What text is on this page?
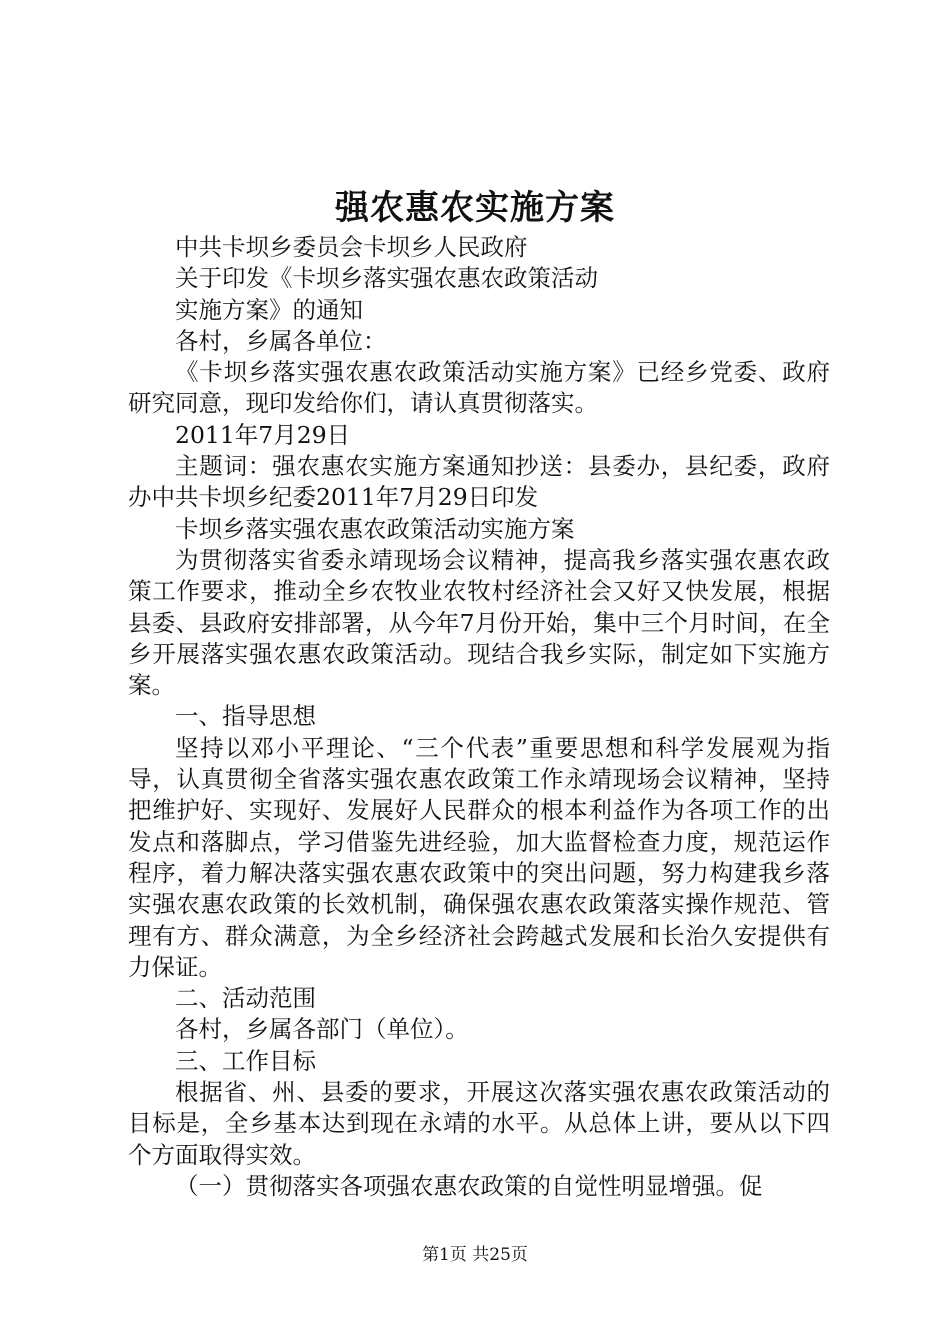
强农惠农实施方案

中共卡坝乡委员会卡坝乡人民政府

关于印发《卡坝乡落实强农惠农政策活动

实施方案》的通知

各村，乡属各单位：

《卡坝乡落实强农惠农政策活动实施方案》已经乡党委、政府研究同意，现印发给你们，请认真贯彻落实。

2011年7月29日

主题词：强农惠农实施方案通知抄送：县委办，县纪委，政府办中共卡坝乡纪委2011年7月29日印发

卡坝乡落实强农惠农政策活动实施方案

为贯彻落实省委永靖现场会议精神，提高我乡落实强农惠农政策工作要求，推动全乡农牧业农牧村经济社会又好又快发展，根据县委、县政府安排部署，从今年7月份开始，集中三个月时间，在全乡开展落实强农惠农政策活动。现结合我乡实际，制定如下实施方案。

一、指导思想

坚持以邓小平理论、“三个代表”重要思想和科学发展观为指导，认真贯彻全省落实强农惠农政策工作永靖现场会议精神，坚持把维护好、实现好、发展好人民群众的根本利益作为各项工作的出发点和落脚点，学习借鉴先进经验，加大监督检查力度，规范运作程序，着力解决落实强农惠农政策中的突出问题，努力构建我乡落实强农惠农政策的长效机制，确保强农惠农政策落实操作规范、管理有方、群众满意，为全乡经济社会跨越式发展和长治久安提供有力保证。

二、活动范围

各村，乡属各部门（单位）。

三、工作目标

根据省、州、县委的要求，开展这次落实强农惠农政策活动的目标是，全乡基本达到现在永靖的水平。从总体上讲，要从以下四个方面取得实效。

（一）贯彻落实各项强农惠农政策的自觉性明显增强。促

第1页 共25页
